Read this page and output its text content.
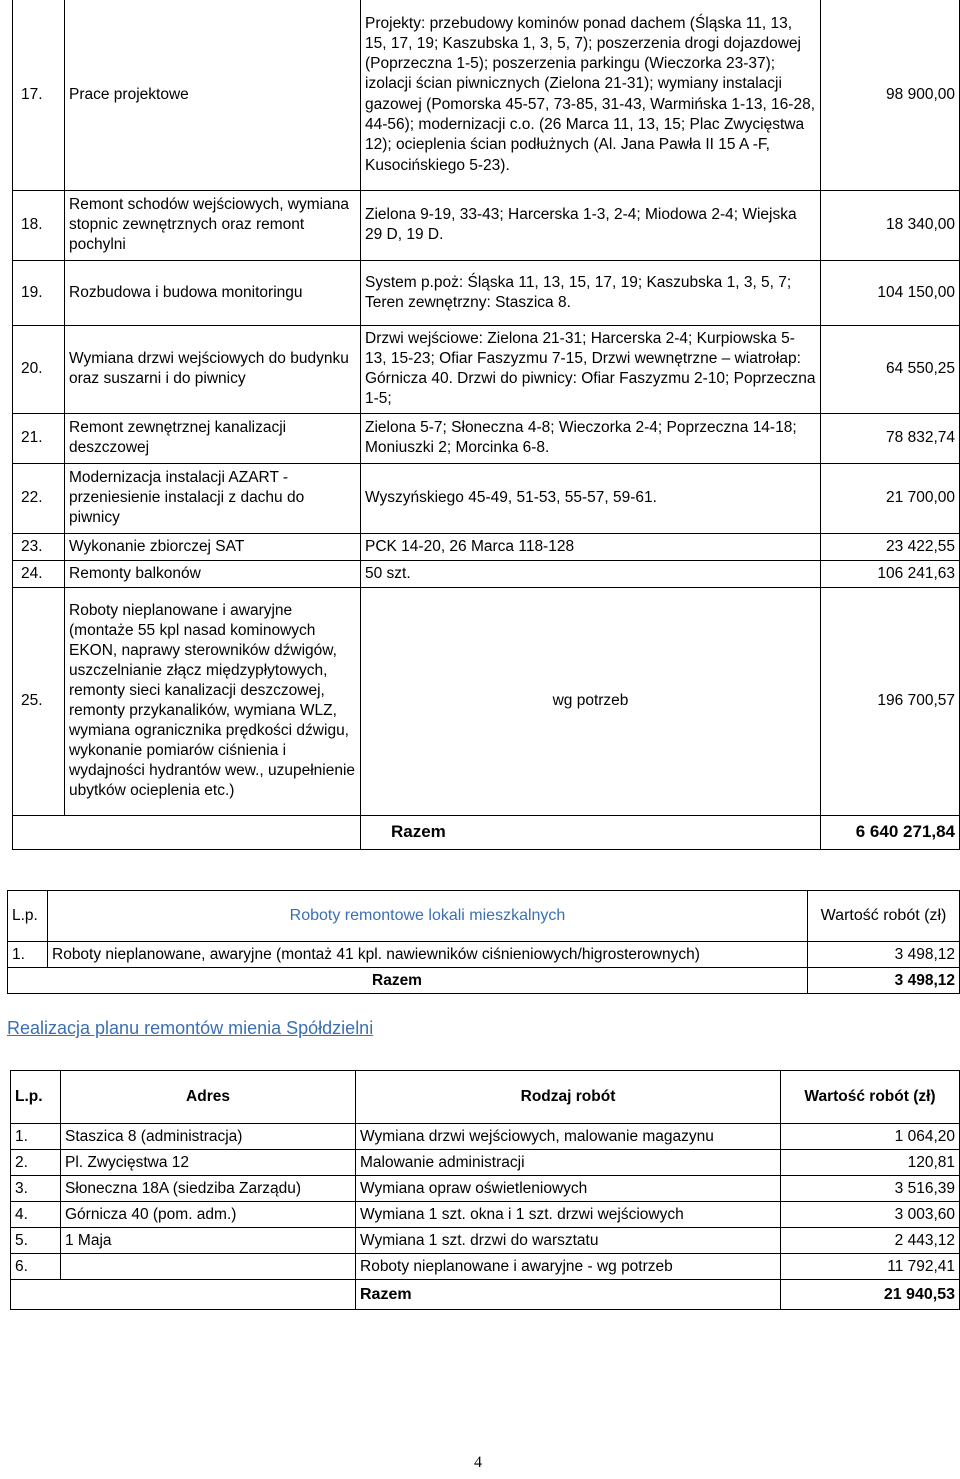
17.	Prace projektowe	Projekty: przebudowy kominów ponad dachem (Śląska 11, 13, 15, 17, 19; Kaszubska 1, 3, 5, 7); poszerzenia drogi dojazdowej (Poprzeczna 1-5); poszerzenia parkingu (Wieczorka 23-37); izolacji ścian piwnicznych (Zielona 21-31); wymiany instalacji gazowej (Pomorska 45-57, 73-85, 31-43, Warmińska 1-13, 16-28, 44-56); modernizacji c.o. (26 Marca 11, 13, 15; Plac Zwycięstwa 12); ocieplenia ścian podłużnych (Al. Jana Pawła II 15 A -F, Kusocińskiego 5-23).	98 900,00
18.	Remont schodów wejściowych, wymiana stopnic zewnętrznych oraz remont pochylni	Zielona 9-19, 33-43; Harcerska 1-3, 2-4; Miodowa 2-4; Wiejska 29 D, 19 D.	18 340,00
19.	Rozbudowa i budowa monitoringu	System p.poż: Śląska 11, 13, 15, 17, 19; Kaszubska 1, 3, 5, 7; Teren zewnętrzny: Staszica 8.	104 150,00
20.	Wymiana drzwi wejściowych do budynku oraz suszarni i do piwnicy	Drzwi wejściowe: Zielona 21-31; Harcerska 2-4; Kurpiowska 5-13, 15-23; Ofiar Faszyzmu 7-15, Drzwi wewnętrzne – wiatrołap: Górnicza 40. Drzwi do piwnicy: Ofiar Faszyzmu 2-10; Poprzeczna 1-5;	64 550,25
21.	Remont zewnętrznej kanalizacji deszczowej	Zielona 5-7; Słoneczna 4-8; Wieczorka 2-4; Poprzeczna 14-18; Moniuszki 2; Morcinka 6-8.	78 832,74
22.	Modernizacja instalacji AZART - przeniesienie instalacji z dachu do piwnicy	Wyszyńskiego 45-49, 51-53, 55-57, 59-61.	21 700,00
23.	Wykonanie zbiorczej SAT	PCK 14-20, 26 Marca 118-128	23 422,55
24.	Remonty balkonów	50 szt.	106 241,63
25.	Roboty nieplanowane i awaryjne (montaże 55 kpl nasad kominowych EKON, naprawy sterowników dźwigów, uszczelnianie złącz międzypłytowych, remonty sieci kanalizacji deszczowej, remonty przykanalików, wymiana WLZ, wymiana ogranicznika prędkości dźwigu, wykonanie pomiarów ciśnienia i wydajności hydrantów wew., uzupełnienie ubytków ocieplenia etc.)	wg potrzeb	196 700,57
		Razem	6 640 271,84
L.p.	Roboty remontowe lokali mieszkalnych	Wartość robót (zł)
1.	Roboty nieplanowane, awaryjne (montaż 41 kpl. nawiewników ciśnieniowych/higrosterownych)	3 498,12
Razem		3 498,12
Realizacja planu remontów mienia Spółdzielni
L.p.	Adres	Rodzaj robót	Wartość robót (zł)
1.	Staszica 8 (administracja)	Wymiana drzwi wejściowych, malowanie magazynu	1 064,20
2.	Pl. Zwycięstwa 12	Malowanie administracji	120,81
3.	Słoneczna 18A (siedziba Zarządu)	Wymiana opraw oświetleniowych	3 516,39
4.	Górnicza 40 (pom. adm.)	Wymiana 1 szt. okna i 1 szt. drzwi wejściowych	3 003,60
5.	1 Maja	Wymiana 1 szt. drzwi do warsztatu	2 443,12
6.		Roboty nieplanowane i awaryjne - wg potrzeb	11 792,41
		Razem	21 940,53
4
